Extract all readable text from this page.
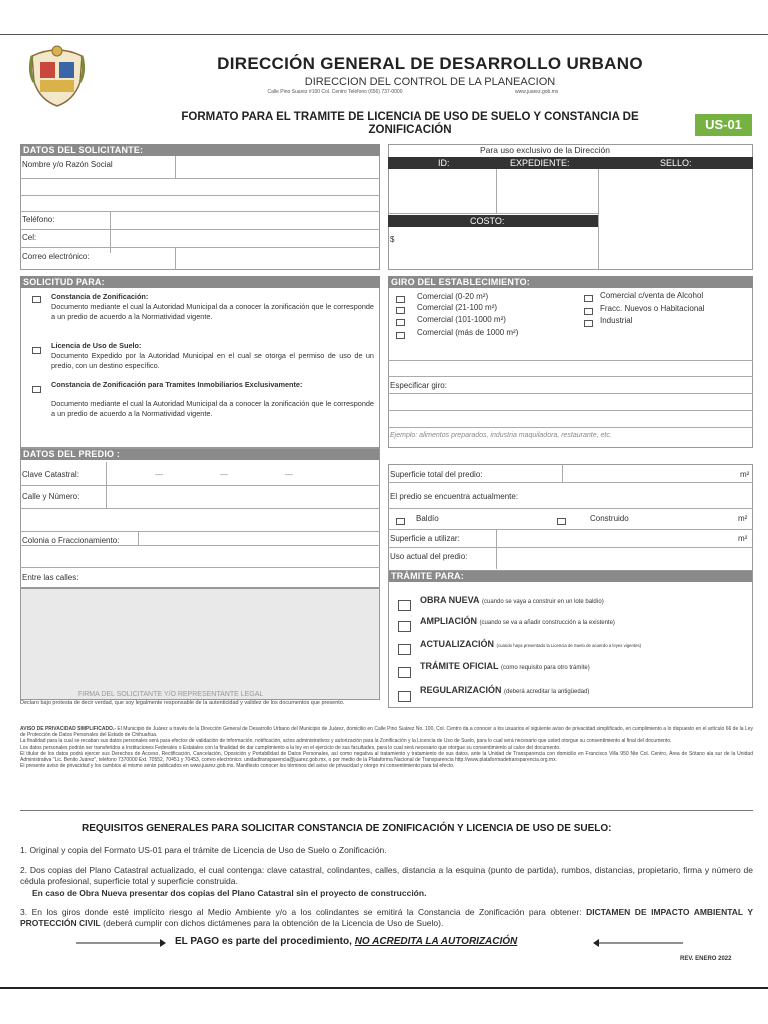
DIRECCIÓN GENERAL DE DESARROLLO URBANO
DIRECCION DEL CONTROL DE LA PLANEACION
Calle Pino Suarez #100 Col. Centro Teléfono (656) 737-0000	www.juarez.gob.mx
FORMATO PARA EL TRAMITE DE LICENCIA DE USO DE SUELO Y CONSTANCIA DE ZONIFICACIÓN	US-01
DATOS DEL SOLICITANTE:
Nombre y/o Razón Social
Teléfono:
Cel:
Correo electrónico:
Para uso exclusivo de la Dirección
ID:	EXPEDIENTE:	SELLO:
COSTO:
$
SOLICITUD PARA:
Constancia de Zonificación:
Documento mediante el cual la Autoridad Municipal da a conocer la zonificación que le corresponde a un predio de acuerdo a la Normatividad vigente.
Licencia de Uso de Suelo:
Documento Expedido por la Autoridad Municipal en el cual se otorga el permiso de uso de un predio, con un destino específico.
Constancia de Zonificación para Tramites Inmobiliarios Exclusivamente:
Documento mediante el cual la Autoridad Municipal da a conocer la zonificación que le corresponde a un predio de acuerdo a la Normatividad vigente.
GIRO DEL ESTABLECIMIENTO:
Comercial (0-20 m²)
Comercial (21-100 m²)
Comercial (101-1000 m²)
Comercial (más de 1000 m²)
Comercial c/venta de Alcohol
Fracc. Nuevos o Habitacional
Industrial
Especificar giro:
Ejemplo: alimentos preparados, industria maquiladora, restaurante, etc.
DATOS DEL PREDIO :
Clave Catastral:	—	—	—
Calle y Número:
Colonia o Fraccionamiento:
Entre las calles:
FIRMA DEL SOLICITANTE Y/O REPRESENTANTE LEGAL
Declaro bajo protesta de decir verdad, que soy legalmente responsable de la autenticidad y validez de los documentos que presento.
Superficie total del predio:	m²
El predio se encuentra actualmente:
Baldío	Construido	m²
Superficie a utilizar:	m²
Uso actual del predio:
TRÁMITE PARA:
OBRA NUEVA (cuando se vaya a construir en un lote baldío)
AMPLIACIÓN (cuando se va a añadir construcción a la existente)
ACTUALIZACIÓN (cuando haya presentado la Licencia de Suelo de acuerdo a leyes vigentes)
TRÁMITE OFICIAL (como requisito para otro trámite)
REGULARIZACIÓN (deberá acreditar la antigüedad)
AVISO DE PRIVACIDAD SIMPLIFICADO.- El Municipio de Juárez a través de la Dirección General de Desarrollo Urbano del Municipio de Juárez, domicilio en Calle Pino Suárez No. 100, Col. Centro da a conocer a los usuarios el siguiente aviso de privacidad simplificado, en cumplimiento a lo dispuesto en el artículo 66 de la Ley de Protección de Datos Personales del Estado de Chihuahua.
La finalidad para la cual se recaban sus datos personales será para efectos de validación de información, notificación, actos administrativos y autorización para la Zonificación y la Licencia de Uso de Suelo, para lo cual será necesario que usted otorgue su consentimiento al final del documento.
Los datos personales podrán ser transferidos a Instituciones Federales o Estatales con la finalidad de dar cumplimiento a la ley en el ejercicio de sus facultades, para lo cual será necesario que otorgue su consentimiento al calce del documento.
El titular de los datos podrá ejercer sus Derechos de Acceso, Rectificación, Cancelación, Oposición y Portabilidad de Datos Personales, así como negativa al tratamiento y tratamiento de sus datos, ante la Unidad de Transparencia con domicilio en Francisco Villa 950 Nte Col. Centro, Área de Sótano ala sur de la Unidad Administrativa "Lic. Benito Juárez", teléfono 7370000 Ext. 70552, 70451 y 70453, correo electrónico: unidadtransparencia@juarez.gob.mx, o por medio de la Plataforma Nacional de Transparencia http://www.plataformadetransparencia.org.mx.
El presente aviso de privacidad y los cambios al mismo serán publicados en www.juarez.gob.mx. Manifiesto conocer los términos del aviso de privacidad y otorgo mi consentimiento para tal efecto.
REQUISITOS GENERALES PARA SOLICITAR CONSTANCIA DE ZONIFICACIÓN Y LICENCIA DE USO DE SUELO:
1. Original y copia del Formato US-01 para el trámite de Licencia de Uso de Suelo o Zonificación.
2. Dos copias del Plano Catastral actualizado, el cual contenga: clave catastral, colindantes, calles, distancia a la esquina (punto de partida), rumbos, distancias, propietario, firma y número de cédula profesional, superficie total y superficie construida.
En caso de Obra Nueva presentar dos copias del Plano Catastral sin el proyecto de construcción.
3. En los giros donde esté implícito riesgo al Medio Ambiente y/o a los colindantes se emitirá la Constancia de Zonificación para obtener: DICTAMEN DE IMPACTO AMBIENTAL Y PROTECCIÓN CIVIL (deberá cumplir con dichos dictámenes para la obtención de la Licencia de Uso de Suelo).
EL PAGO es parte del procedimiento, NO ACREDITA LA AUTORIZACIÓN
REV. ENERO 2022
